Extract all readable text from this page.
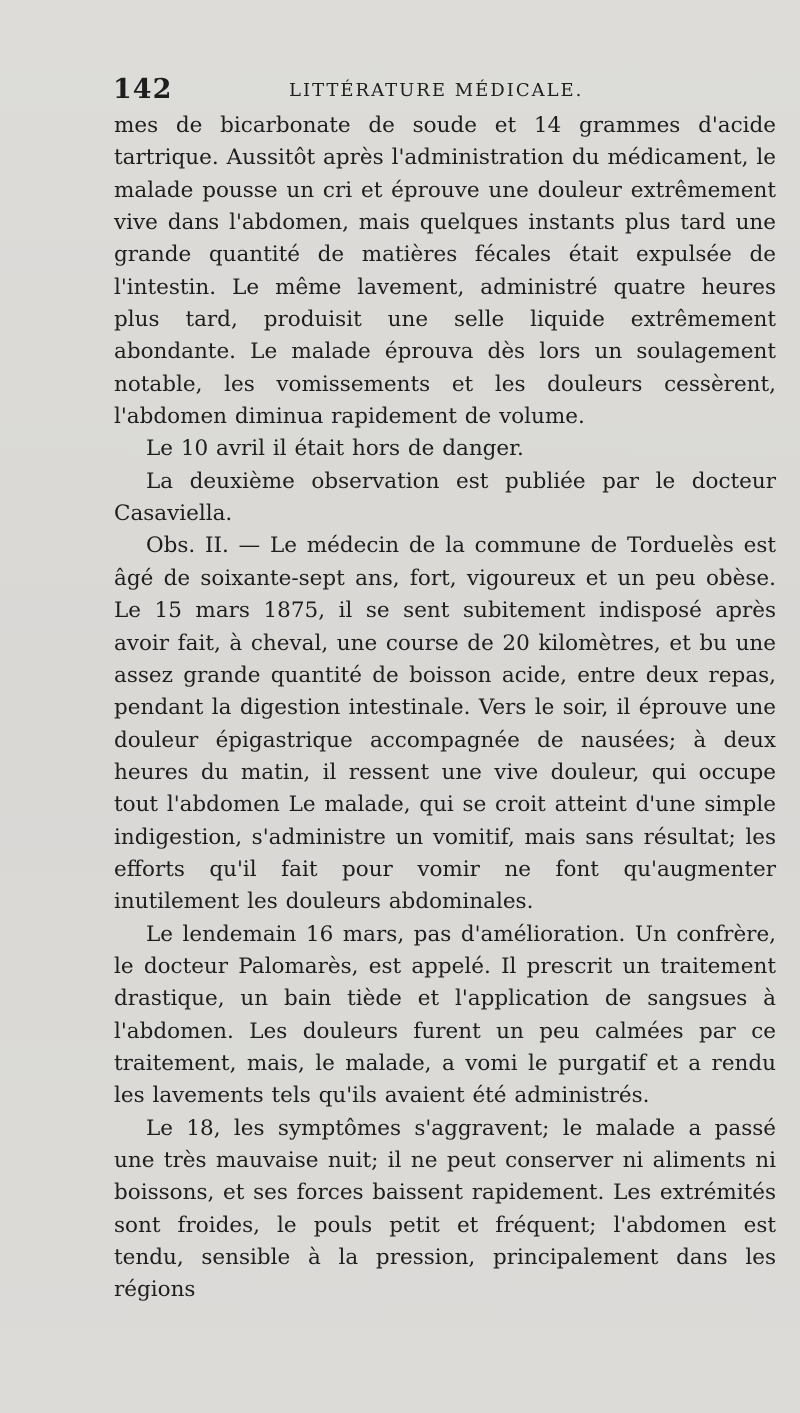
142	LITTÉRATURE MÉDICALE.

mes de bicarbonate de soude et 14 grammes d'acide tartrique. Aussitôt après l'administration du médicament, le malade pousse un cri et éprouve une douleur extrêmement vive dans l'abdomen, mais quelques instants plus tard une grande quantité de matières fécales était expulsée de l'intestin. Le même lavement, administré quatre heures plus tard, produisit une selle liquide extrêmement abondante. Le malade éprouva dès lors un soulagement notable, les vomissements et les douleurs cessèrent, l'abdomen diminua rapidement de volume.

Le 10 avril il était hors de danger.

La deuxième observation est publiée par le docteur Casaviella.

Obs. II. — Le médecin de la commune de Torduelès est âgé de soixante-sept ans, fort, vigoureux et un peu obèse. Le 15 mars 1875, il se sent subitement indisposé après avoir fait, à cheval, une course de 20 kilomètres, et bu une assez grande quantité de boisson acide, entre deux repas, pendant la digestion intestinale. Vers le soir, il éprouve une douleur épigastrique accompagnée de nausées; à deux heures du matin, il ressent une vive douleur, qui occupe tout l'abdomen Le malade, qui se croit atteint d'une simple indigestion, s'administre un vomitif, mais sans résultat; les efforts qu'il fait pour vomir ne font qu'augmenter inutilement les douleurs abdominales.

Le lendemain 16 mars, pas d'amélioration. Un confrère, le docteur Palomarès, est appelé. Il prescrit un traitement drastique, un bain tiède et l'application de sangsues à l'abdomen. Les douleurs furent un peu calmées par ce traitement, mais, le malade, a vomi le purgatif et a rendu les lavements tels qu'ils avaient été administrés.

Le 18, les symptômes s'aggravent; le malade a passé une très mauvaise nuit; il ne peut conserver ni aliments ni boissons, et ses forces baissent rapidement. Les extrémités sont froides, le pouls petit et fréquent; l'abdomen est tendu, sensible à la pression, principalement dans les régions
